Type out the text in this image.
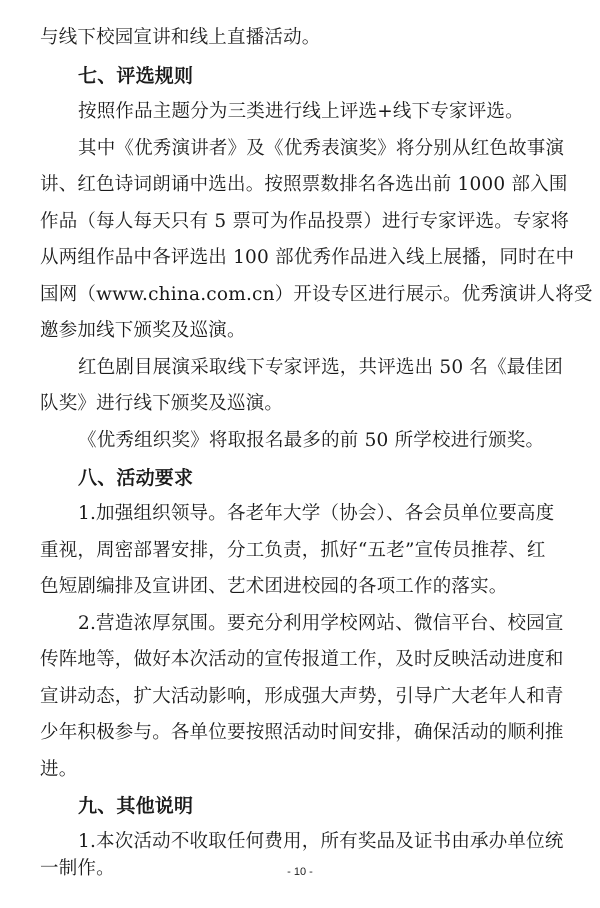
与线下校园宣讲和线上直播活动。
七、评选规则
按照作品主题分为三类进行线上评选+线下专家评选。
其中《优秀演讲者》及《优秀表演奖》将分别从红色故事演
讲、红色诗词朗诵中选出。按照票数排名各选出前 1000 部入围
作品（每人每天只有 5 票可为作品投票）进行专家评选。专家将
从两组作品中各评选出 100 部优秀作品进入线上展播，同时在中
国网（www.china.com.cn）开设专区进行展示。优秀演讲人将受
邀参加线下颁奖及巡演。
红色剧目展演采取线下专家评选，共评选出 50 名《最佳团
队奖》进行线下颁奖及巡演。
《优秀组织奖》将取报名最多的前 50 所学校进行颁奖。
八、活动要求
1.加强组织领导。各老年大学（协会）、各会员单位要高度
重视，周密部署安排，分工负责，抓好“五老”宣传员推荐、红
色短剧编排及宣讲团、艺术团进校园的各项工作的落实。
2.营造浓厚氛围。要充分利用学校网站、微信平台、校园宣
传阵地等，做好本次活动的宣传报道工作，及时反映活动进度和
宣讲动态，扩大活动影响，形成强大声势，引导广大老年人和青
少年积极参与。各单位要按照活动时间安排，确保活动的顺利推
进。
九、其他说明
1.本次活动不收取任何费用，所有奖品及证书由承办单位统
一制作。	- 10 -
